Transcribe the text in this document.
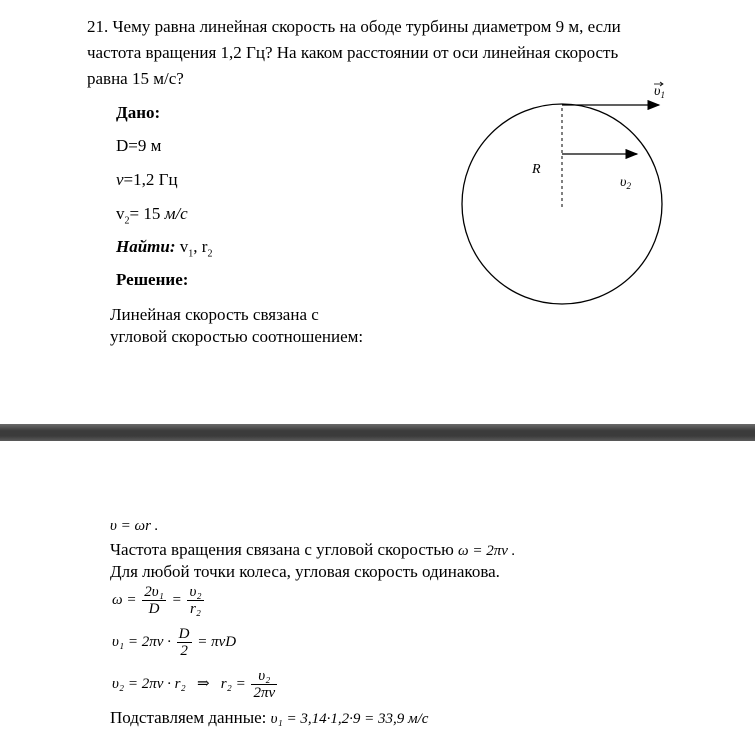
21. Чему равна линейная скорость на ободе турбины диаметром 9 м, если
частота вращения 1,2 Гц? На каком расстоянии от оси линейная скорость
равна 15 м/с?
Дано:
D=9 м
ν=1,2 Гц
$v_2= 15$ м/с
Найти: $v_1$, $r_2$
Решение:
Линейная скорость связана с
угловой скоростью соотношением:
$\upsilon_1$
R
$\upsilon_2$
υ = ωr .
Частота вращения связана с угловой скоростью ω = 2πν .
Для любой точки колеса, угловая скорость одинакова.
$\omega = \frac{\text{2υ₁}}{D} = \frac{\text{υ₂}}{\text{r₂}}$
$\upsilon_1 = 2\pi\nu \cdot \frac{D}{2} = \pi\nu D$
υ₂ = 2πν · r₂   ⇒   $r_2 = \frac{\text{υ₂}}{2\pi\nu}$
Подставляем данные: υ₁ = 3,14·1,2·9 = 33,9 м/с
